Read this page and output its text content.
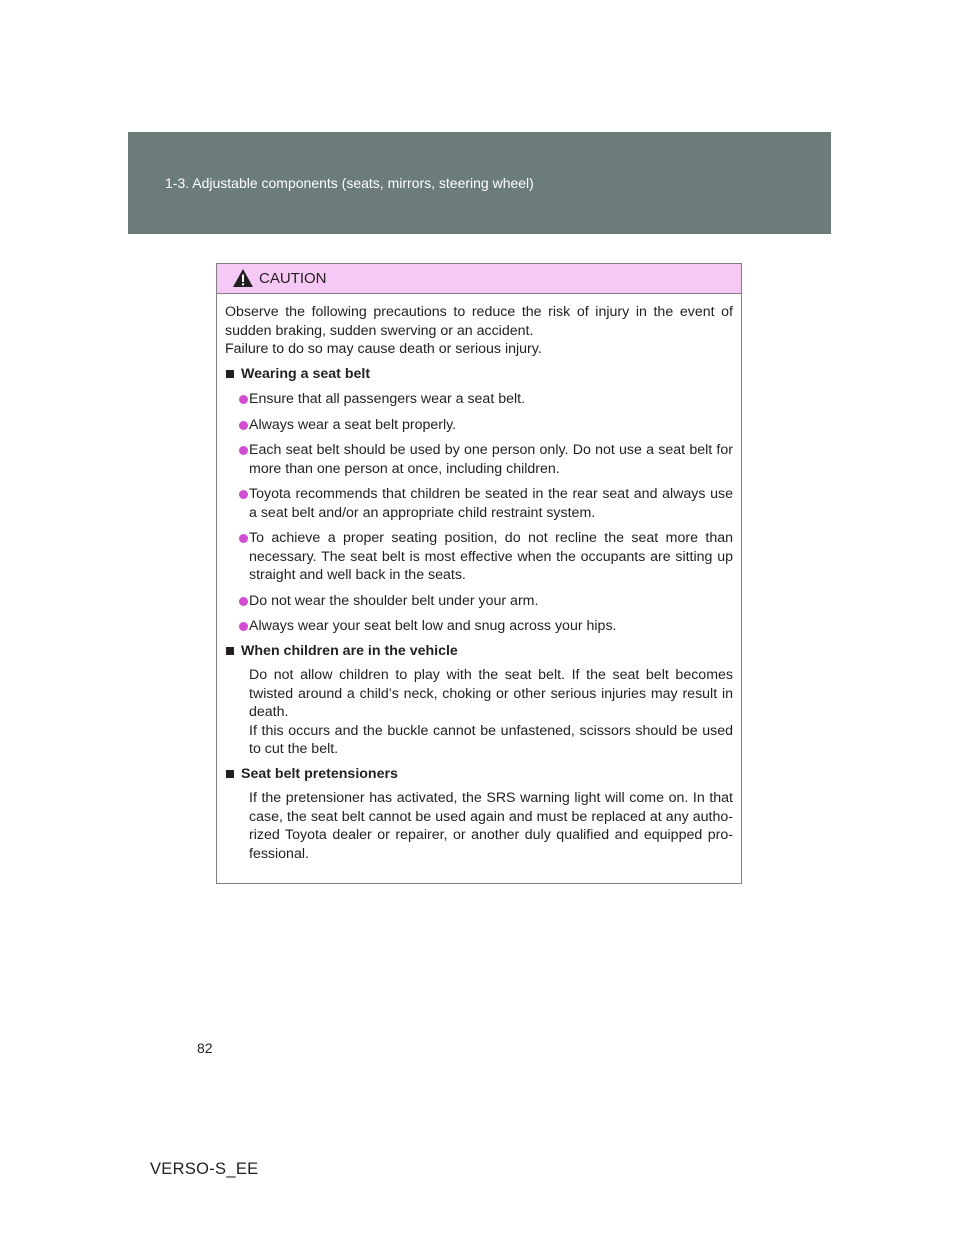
1-3. Adjustable components (seats, mirrors, steering wheel)
CAUTION

Observe the following precautions to reduce the risk of injury in the event of sudden braking, sudden swerving or an accident.

Failure to do so may cause death or serious injury.

Wearing a seat belt
Ensure that all passengers wear a seat belt.
Always wear a seat belt properly.
Each seat belt should be used by one person only. Do not use a seat belt for more than one person at once, including children.
Toyota recommends that children be seated in the rear seat and always use a seat belt and/or an appropriate child restraint system.
To achieve a proper seating position, do not recline the seat more than necessary. The seat belt is most effective when the occupants are sitting up straight and well back in the seats.
Do not wear the shoulder belt under your arm.
Always wear your seat belt low and snug across your hips.
When children are in the vehicle
Do not allow children to play with the seat belt. If the seat belt becomes twisted around a child’s neck, choking or other serious injuries may result in death.
If this occurs and the buckle cannot be unfastened, scissors should be used to cut the belt.
Seat belt pretensioners
If the pretensioner has activated, the SRS warning light will come on. In that case, the seat belt cannot be used again and must be replaced at any autho-rized Toyota dealer or repairer, or another duly qualified and equipped pro-fessional.
82
VERSO-S_EE
